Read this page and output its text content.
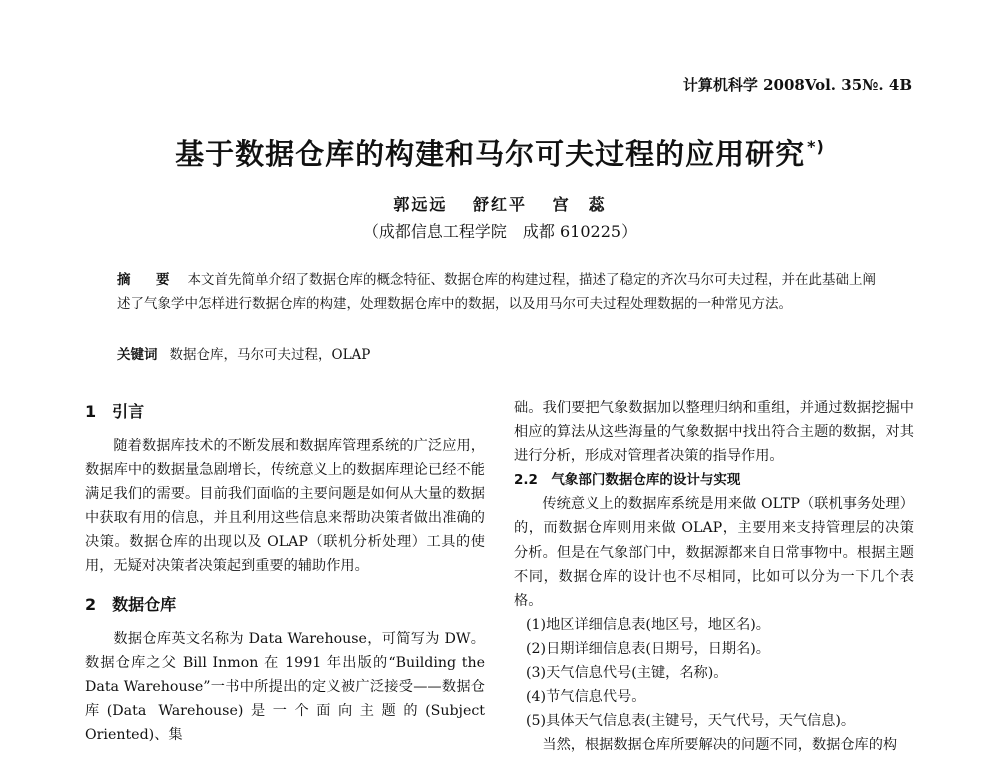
计算机科学 2008Vol. 35№. 4B
基于数据仓库的构建和马尔可夫过程的应用研究 *)
郭远远 舒红平 宫　蕊
（成都信息工程学院　成都 610225）
摘　要 本文首先简单介绍了数据仓库的概念特征、数据仓库的构建过程，描述了稳定的齐次马尔可夫过程，并在此基础上阐述了气象学中怎样进行数据仓库的构建，处理数据仓库中的数据，以及用马尔可夫过程处理数据的一种常见方法。
关键词 数据仓库，马尔可夫过程，OLAP
1　引言

随着数据库技术的不断发展和数据库管理系统的广泛应用，数据库中的数据量急剧增长，传统意义上的数据库理论已经不能满足我们的需要。目前我们面临的主要问题是如何从大量的数据中获取有用的信息，并且利用这些信息来帮助决策者做出准确的决策。数据仓库的出现以及 OLAP（联机分析处理）工具的使用，无疑对决策者决策起到重要的辅助作用。

2　数据仓库

数据仓库英文名称为 Data Warehouse，可简写为 DW。数据仓库之父 Bill Inmon 在 1991 年出版的“Building the Data Warehouse”一书中所提出的定义被广泛接受——数据仓库(Data Warehouse)是一个面向主题的(Subject Oriented)、集

础。我们要把气象数据加以整理归纳和重组，并通过数据挖掘中相应的算法从这些海量的气象数据中找出符合主题的数据，对其进行分析，形成对管理者决策的指导作用。

2.2　气象部门数据仓库的设计与实现

传统意义上的数据库系统是用来做 OLTP（联机事务处理）的，而数据仓库则用来做 OLAP，主要用来支持管理层的决策分析。但是在气象部门中，数据源都来自日常事物中。根据主题不同，数据仓库的设计也不尽相同，比如可以分为一下几个表格。

(1)地区详细信息表(地区号，地区名)。
(2)日期详细信息表(日期号，日期名)。
(3)天气信息代号(主键，名称)。
(4)节气信息代号。
(5)具体天气信息表(主键号，天气代号，天气信息)。

当然，根据数据仓库所要解决的问题不同，数据仓库的构
